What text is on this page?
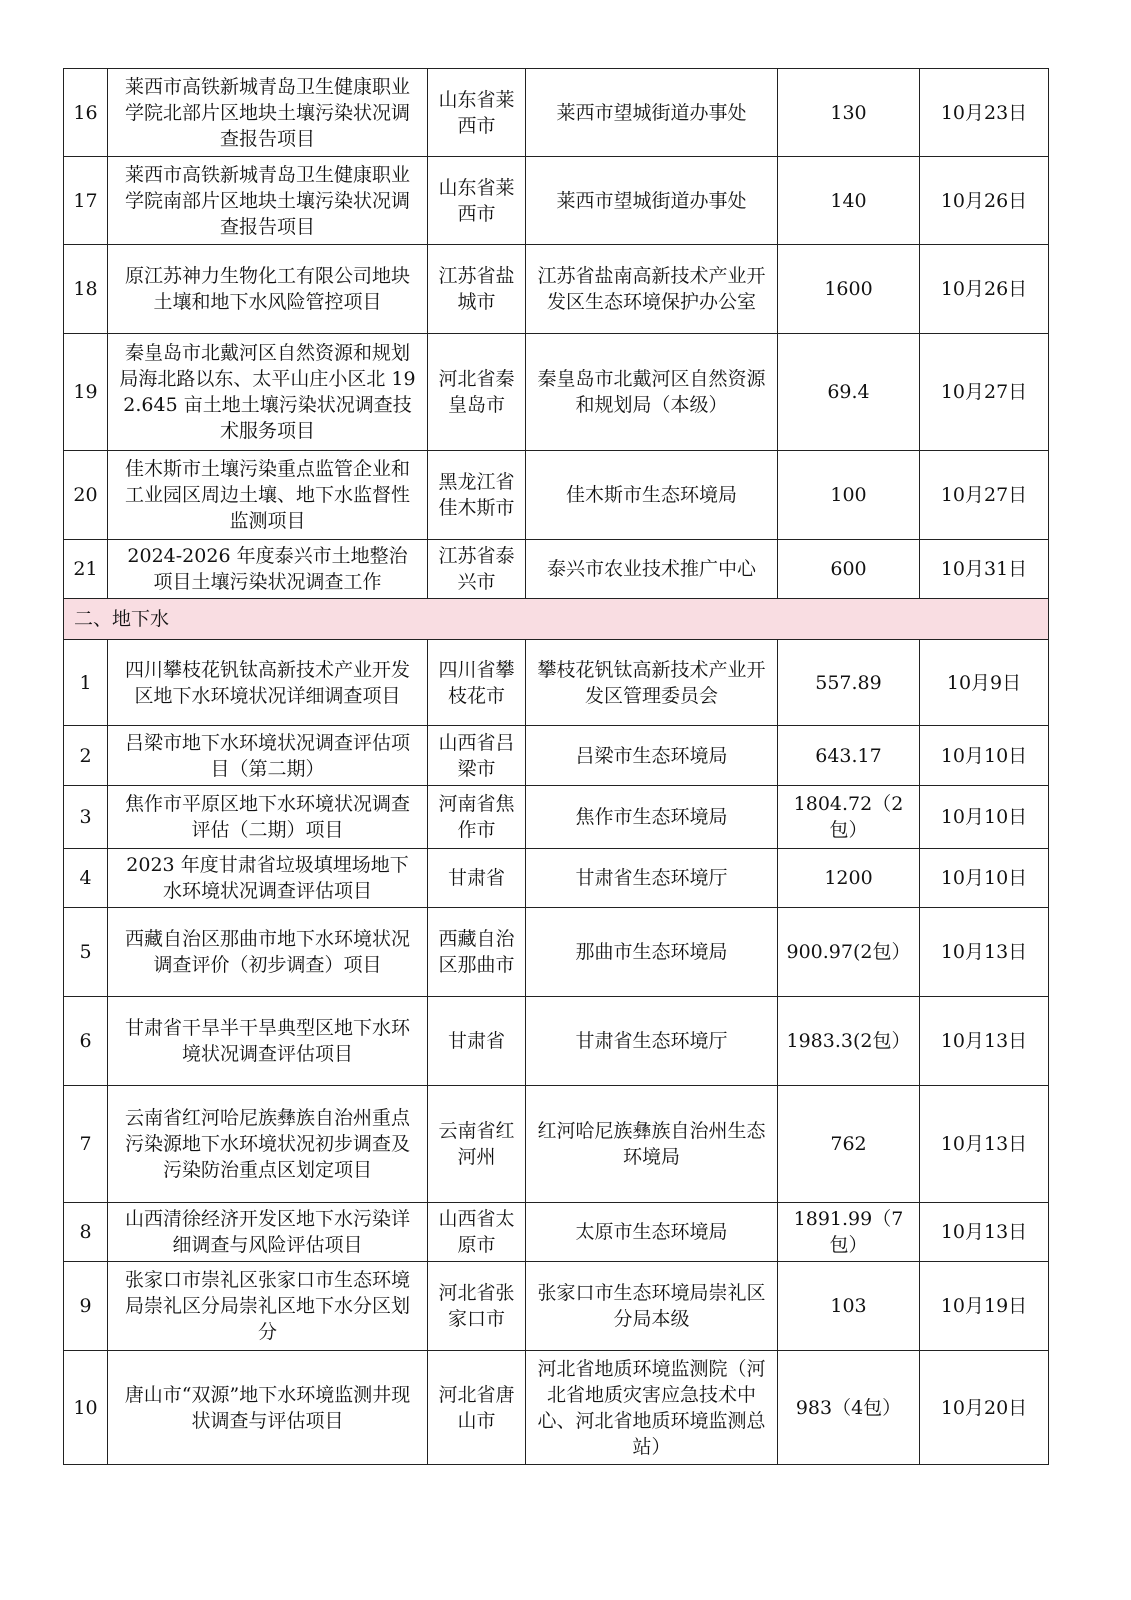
16	莱西市高铁新城青岛卫生健康职业学院北部片区地块土壤污染状况调查报告项目	山东省莱西市	莱西市望城街道办事处	130	10月23日
17	莱西市高铁新城青岛卫生健康职业学院南部片区地块土壤污染状况调查报告项目	山东省莱西市	莱西市望城街道办事处	140	10月26日
18	原江苏神力生物化工有限公司地块土壤和地下水风险管控项目	江苏省盐城市	江苏省盐南高新技术产业开发区生态环境保护办公室	1600	10月26日
19	秦皇岛市北戴河区自然资源和规划局海北路以东、太平山庄小区北 192.645 亩土地土壤污染状况调查技术服务项目	河北省秦皇岛市	秦皇岛市北戴河区自然资源和规划局（本级）	69.4	10月27日
20	佳木斯市土壤污染重点监管企业和工业园区周边土壤、地下水监督性监测项目	黑龙江省佳木斯市	佳木斯市生态环境局	100	10月27日
21	2024-2026 年度泰兴市土地整治项目土壤污染状况调查工作	江苏省泰兴市	泰兴市农业技术推广中心	600	10月31日
二、地下水					
1	四川攀枝花钒钛高新技术产业开发区地下水环境状况详细调查项目	四川省攀枝花市	攀枝花钒钛高新技术产业开发区管理委员会	557.89	10月9日
2	吕梁市地下水环境状况调查评估项目（第二期）	山西省吕梁市	吕梁市生态环境局	643.17	10月10日
3	焦作市平原区地下水环境状况调查评估（二期）项目	河南省焦作市	焦作市生态环境局	1804.72（2包）	10月10日
4	2023 年度甘肃省垃圾填埋场地下水环境状况调查评估项目	甘肃省	甘肃省生态环境厅	1200	10月10日
5	西藏自治区那曲市地下水环境状况调查评价（初步调查）项目	西藏自治区那曲市	那曲市生态环境局	900.97(2包）	10月13日
6	甘肃省干旱半干旱典型区地下水环境状况调查评估项目	甘肃省	甘肃省生态环境厅	1983.3(2包）	10月13日
7	云南省红河哈尼族彝族自治州重点污染源地下水环境状况初步调查及污染防治重点区划定项目	云南省红河州	红河哈尼族彝族自治州生态环境局	762	10月13日
8	山西清徐经济开发区地下水污染详细调查与风险评估项目	山西省太原市	太原市生态环境局	1891.99（7包）	10月13日
9	张家口市崇礼区张家口市生态环境局崇礼区分局崇礼区地下水分区划分	河北省张家口市	张家口市生态环境局崇礼区分局本级	103	10月19日
10	唐山市“双源”地下水环境监测井现状调查与评估项目	河北省唐山市	河北省地质环境监测院（河北省地质灾害应急技术中心、河北省地质环境监测总站）	983（4包）	10月20日
